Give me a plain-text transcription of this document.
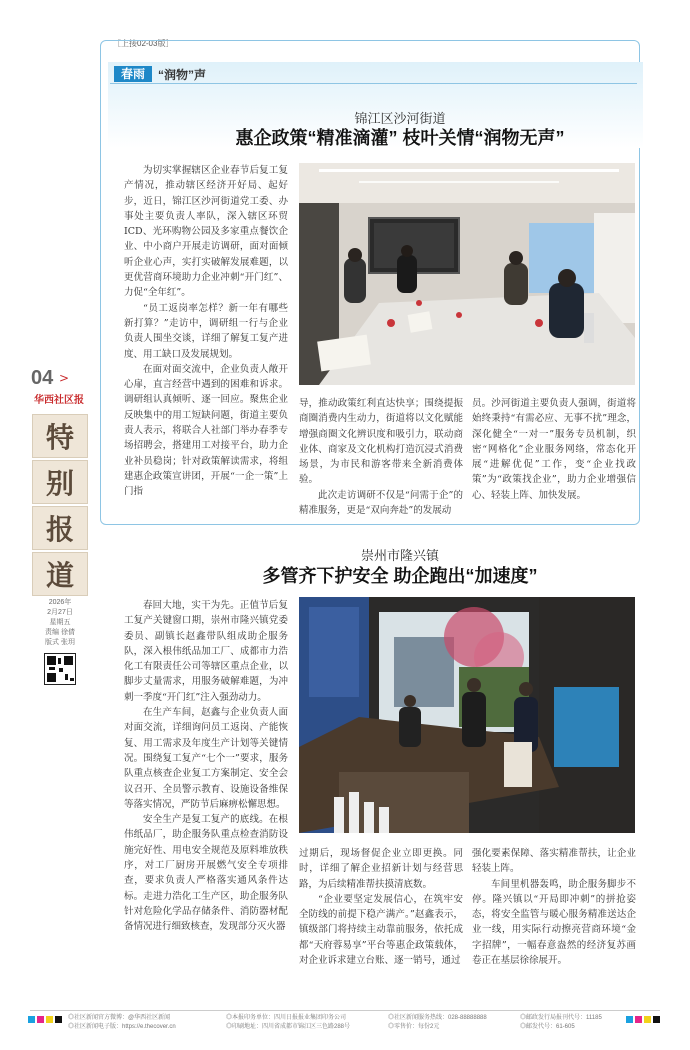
［上接02-03版］
04 >
华西社区报
特
别
报
道
2026年
2月27日
星期五
责编 徐倩
版式 张玥
春雨	“润物”声
锦江区沙河街道
惠企政策“精准滴灌” 枝叶关情“润物无声”

为切实掌握辖区企业春节后复工复产情况，推动辖区经济开好局、起好步，近日，锦江区沙河街道党工委、办事处主要负责人率队，深入辖区环贸ICD、光环购物公园及多家重点餐饮企业、中小商户开展走访调研，面对面倾听企业心声，实打实破解发展难题，以更优营商环境助力企业冲刺“开门红”、力促“全年红”。

“员工返岗率怎样？新一年有哪些新打算？”走访中，调研组一行与企业负责人围坐交谈，详细了解复工复产进度、用工缺口及发展规划。

在面对面交流中，企业负责人敞开心扉，直言经营中遇到的困难和诉求。调研组认真倾听、逐一回应。聚焦企业反映集中的用工短缺问题，街道主要负责人表示，将联合人社部门举办春季专场招聘会，搭建用工对接平台，助力企业补员稳岗；针对政策解读需求，将组建惠企政策宣讲团，开展“一企一策”上门指

导，推动政策红利直达快享；围绕提振商圈消费内生动力，街道将以文化赋能增强商圈文化辨识度和吸引力，联动商业体、商家及文化机构打造沉浸式消费场景，为市民和游客带来全新消费体验。

此次走访调研不仅是“问需于企”的精准服务，更是“双向奔赴”的发展动

员。沙河街道主要负责人强调，街道将始终秉持“有需必应、无事不扰”理念，深化健全“一对一”服务专员机制，织密“网格化”企业服务网络，常态化开展“进解优促”工作，变“企业找政策”为“政策找企业”，助力企业增强信心、轻装上阵、加快发展。

崇州市隆兴镇
多管齐下护安全 助企跑出“加速度”

春回大地，实干为先。正值节后复工复产关键窗口期，崇州市隆兴镇党委委员、副镇长赵鑫带队组成助企服务队，深入根伟纸品加工厂、成都市力浩化工有限责任公司等辖区重点企业，以脚步丈量需求，用服务破解难题，为冲刺一季度“开门红”注入强劲动力。

在生产车间，赵鑫与企业负责人面对面交流，详细询问员工返岗、产能恢复、用工需求及年度生产计划等关键情况。围绕复工复产“七个一”要求，服务队重点核查企业复工方案制定、安全会议召开、全员警示教育、设施设备维保等落实情况，严防节后麻痹松懈思想。

安全生产是复工复产的底线。在根伟纸品厂，助企服务队重点检查消防设施完好性、用电安全规范及原料堆放秩序，对工厂厨房开展燃气安全专项排查，要求负责人严格落实通风条件达标。走进力浩化工生产区，助企服务队针对危险化学品存储条件、消防器材配备情况进行细致核查，发现部分灭火器

过期后，现场督促企业立即更换。同时，详细了解企业招新计划与经营思路，为后续精准帮扶摸清底数。

“企业要坚定发展信心，在筑牢安全防线的前提下稳产满产。”赵鑫表示，镇级部门将持续主动靠前服务，依托成都“天府蓉易享”平台等惠企政策载体，对企业诉求建立台账、逐一销号，通过

强化要素保障、落实精准帮扶，让企业轻装上阵。

车间里机器轰鸣，助企服务脚步不停。隆兴镇以“开局即冲刺”的拼抢姿态，将安全监管与暖心服务精准送达企业一线，用实际行动擦亮营商环境“金字招牌”，一幅春意盎然的经济复苏画卷正在基层徐徐展开。

◎社区新闻官方微博：@华西社区新闻
◎社区新闻电子版：https://e.thecover.cn
◎本报印务单位：四川日报报业集团印务公司
◎印刷地址：四川省成都市锦江区三色路288号
◎社区新闻服务热线：028-88888888
◎零售价：每份2元
◎邮政发行局报刊代号：11185
◎邮发代号：61-605
